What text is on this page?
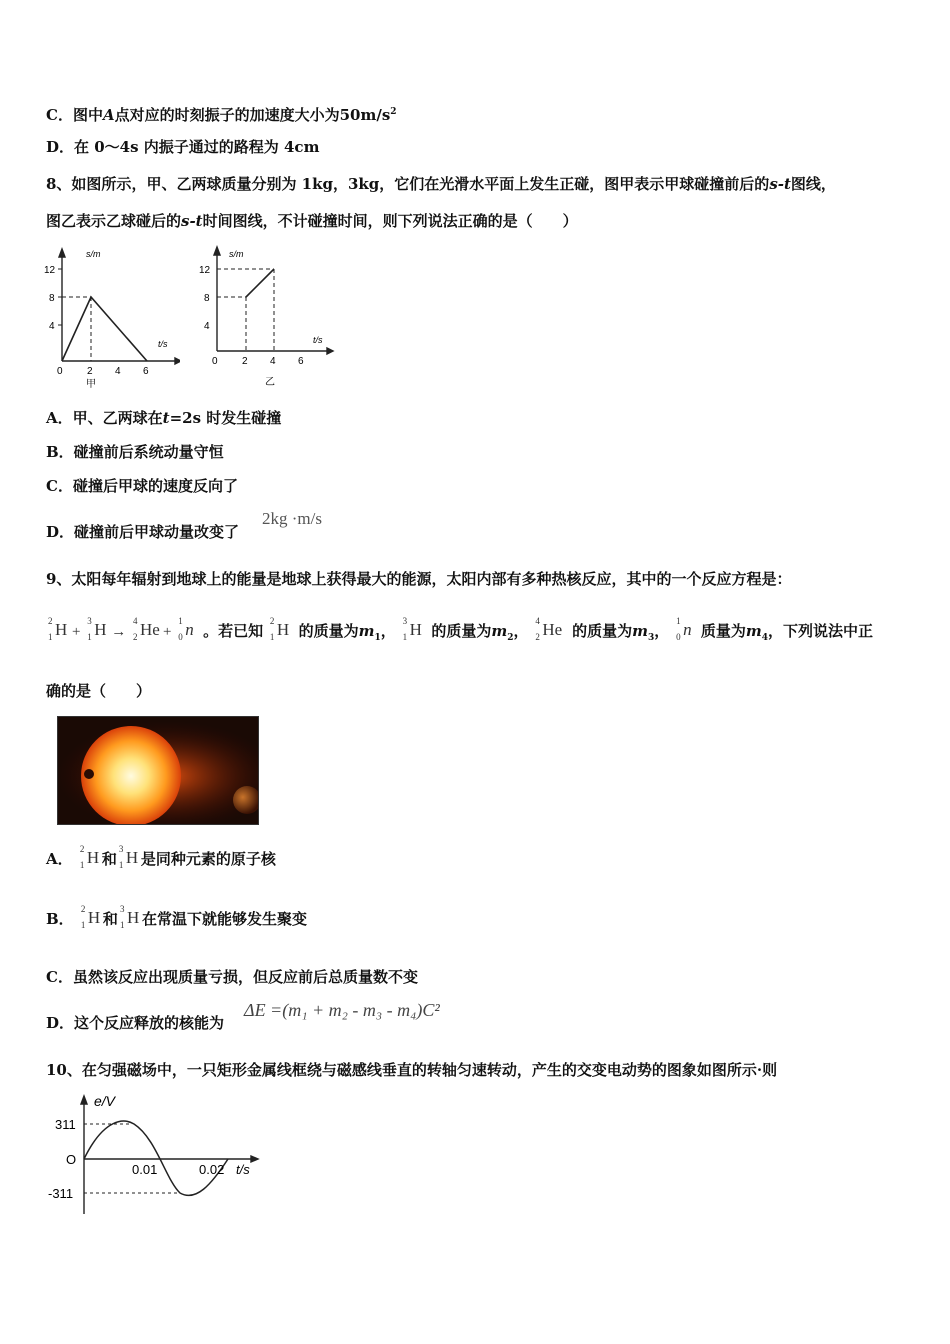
C．图中A点对应的时刻振子的加速度大小为$50m/s^2$
D．在 0～4s 内振子通过的路程为 4cm
8、如图所示，甲、乙两球质量分别为 1kg，3kg，它们在光滑水平面上发生正碰，图甲表示甲球碰撞前后的s-t图线，
图乙表示乙球碰后的s-t时间图线，不计碰撞时间，则下列说法正确的是（　　）
s/m
t/s
12
8
4
0 2 4 6
甲
s/m
t/s
12
8
4
0 2 4 6
乙
A．甲、乙两球在t=2s 时发生碰撞
B．碰撞前后系统动量守恒
C．碰撞后甲球的速度反向了
D．碰撞前后甲球动量改变了
2kg ·m/s
9、太阳每年辐射到地球上的能量是地球上获得最大的能源，太阳内部有多种热核反应，其中的一个反应方程是：
2
1 H +
3
1 H →
4
2 He +
1
0 n 。若已知
2
1 H 的质量为$m_1$，
3
1 H 的质量为$m_2$，
4
2 He 的质量为$m_3$，
1
0 n 质量为$m_4$，下列说法中正
确的是（　　）
A．
2
1 H 和
3
1 H 是同种元素的原子核
B．
2
1 H 和
3
1 H 在常温下就能够发生聚变
C．虽然该反应出现质量亏损，但反应前后总质量数不变
D．这个反应释放的核能为
ΔE =(m₁ + m₂ - m₃ - m₄)C²
10、在匀强磁场中，一只矩形金属线框绕与磁感线垂直的转轴匀速转动，产生的交变电动势的图象如图所示·则
e/V
311
O
-311
0.01	0.02 t/s
